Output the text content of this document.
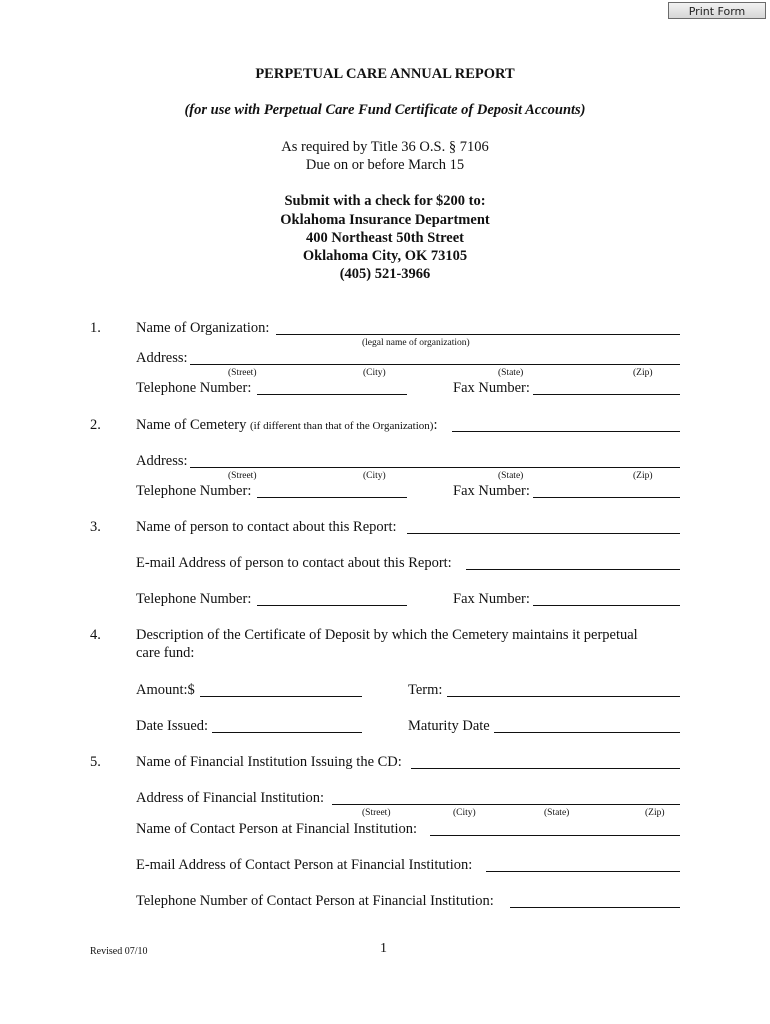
Print Form
PERPETUAL CARE ANNUAL REPORT
(for use with Perpetual Care Fund Certificate of Deposit Accounts)
As required by Title 36 O.S. § 7106
Due on or before March 15
Submit with a check for $200 to:
Oklahoma Insurance Department
400 Northeast 50th Street
Oklahoma City, OK 73105
(405) 521-3966
1. Name of Organization:
(legal name of organization)
Address:
(Street)	(City)	(State)	(Zip)
Telephone Number:	Fax Number:
2. Name of Cemetery (if different than that of the Organization):
Address:
(Street)	(City)	(State)	(Zip)
Telephone Number:	Fax Number:
3. Name of person to contact about this Report:
E-mail Address of person to contact about this Report:
Telephone Number:	Fax Number:
4. Description of the Certificate of Deposit by which the Cemetery maintains it perpetual
care fund:
Amount:$	Term:
Date Issued:	Maturity Date
5. Name of Financial Institution Issuing the CD:
Address of Financial Institution:
(Street)	(City)	(State)	(Zip)
Name of Contact Person at Financial Institution:
E-mail Address of Contact Person at Financial Institution:
Telephone Number of Contact Person at Financial Institution:
Revised 07/10	1
